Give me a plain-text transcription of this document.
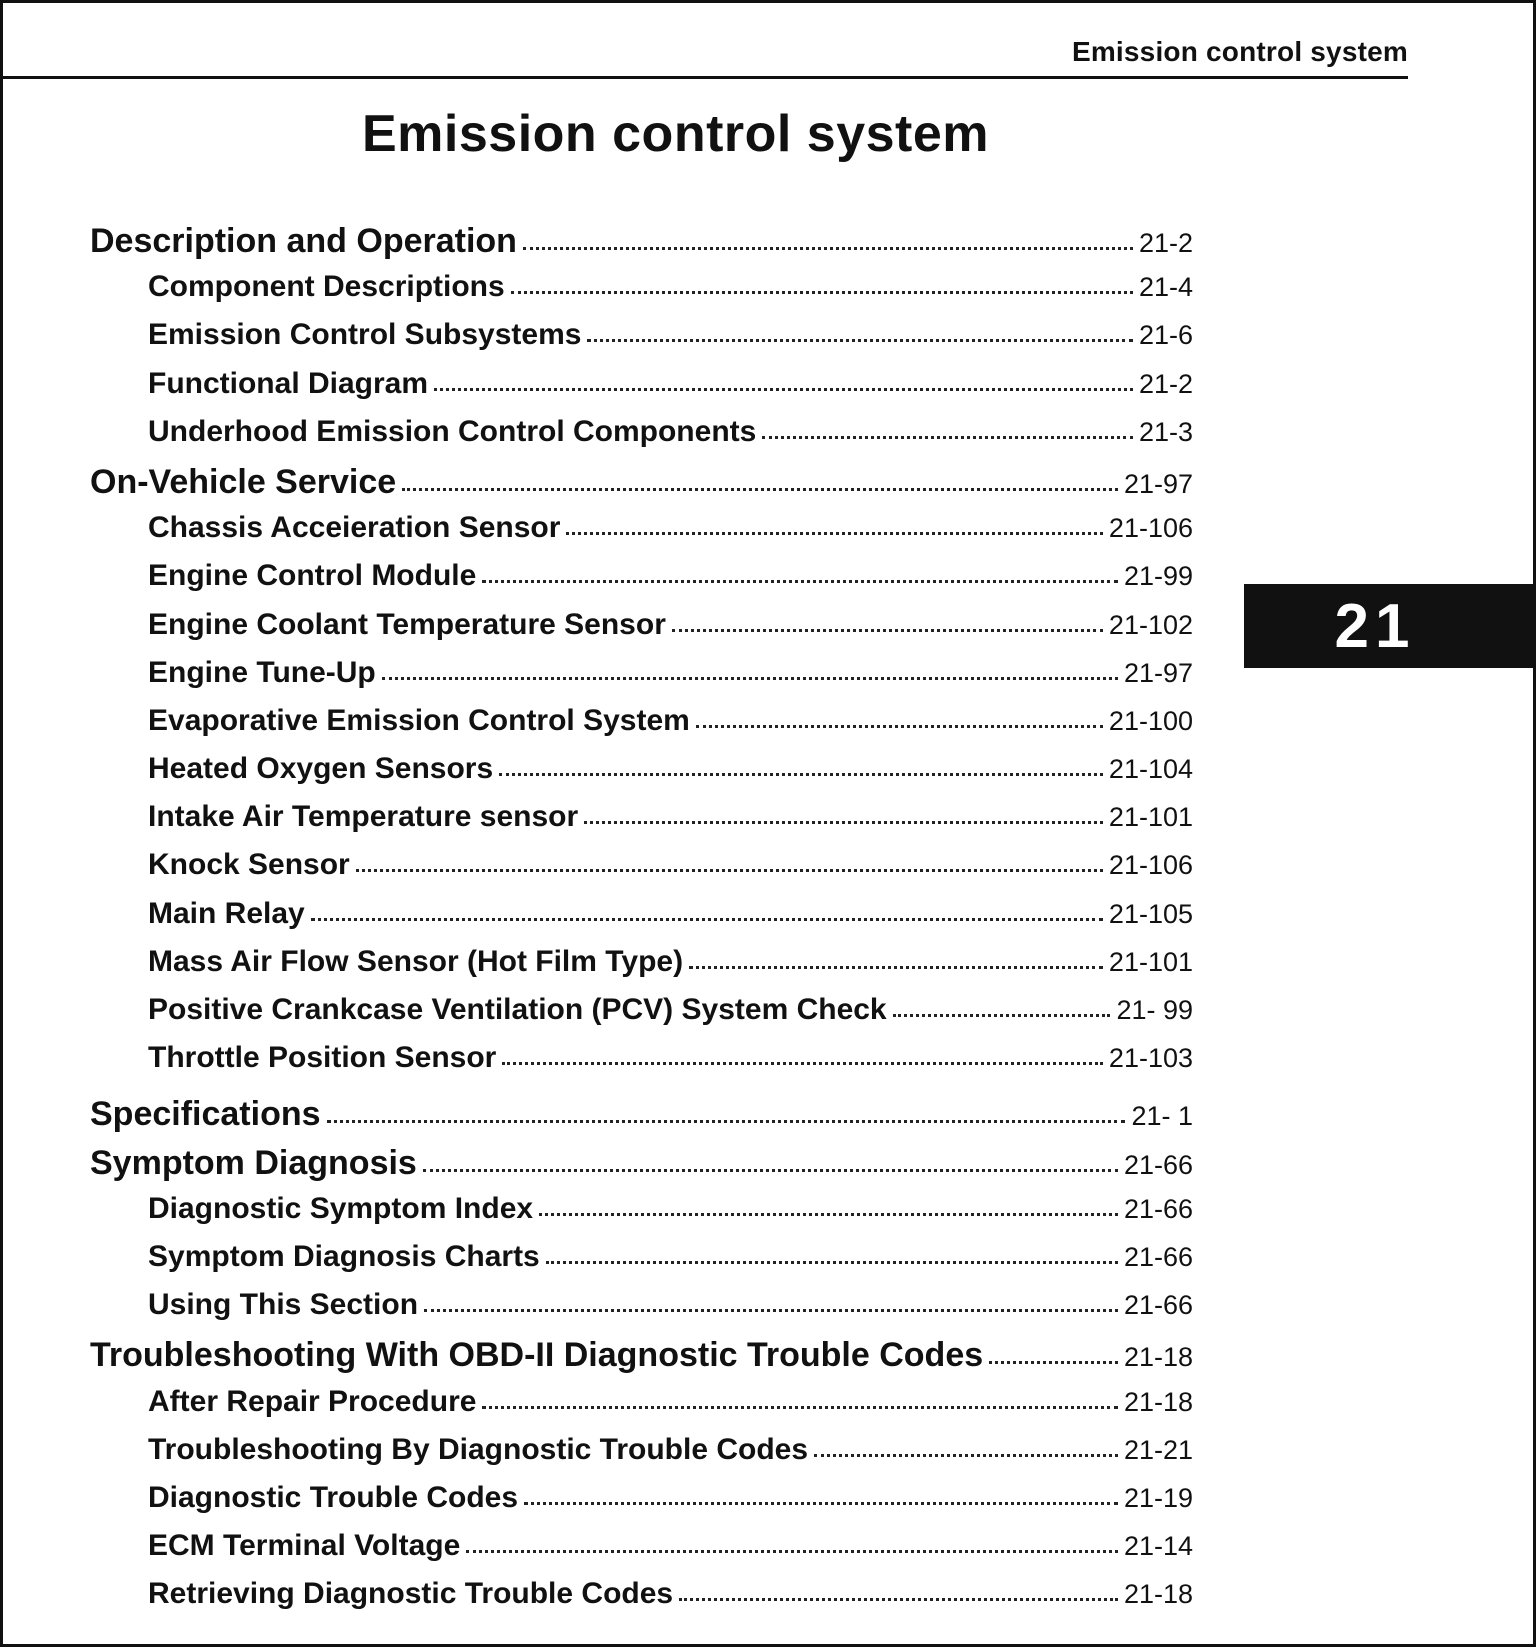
Emission control system
Emission control system
Description and Operation	21-2
Component Descriptions	21-4
Emission Control Subsystems	21-6
Functional Diagram	21-2
Underhood Emission Control Components	21-3
On-Vehicle Service	21-97
Chassis Acceieration Sensor	21-106
Engine Control Module	21-99
Engine Coolant Temperature Sensor	21-102
Engine Tune-Up	21-97
Evaporative Emission Control System	21-100
Heated Oxygen Sensors	21-104
Intake Air Temperature sensor	21-101
Knock Sensor	21-106
Main Relay	21-105
Mass Air Flow Sensor (Hot Film Type)	21-101
Positive Crankcase Ventilation (PCV) System Check	21- 99
Throttle Position Sensor	21-103
Specifications	21- 1
Symptom Diagnosis	21-66
Diagnostic Symptom Index	21-66
Symptom Diagnosis Charts	21-66
Using This Section	21-66
Troubleshooting With OBD-II Diagnostic Trouble Codes	21-18
After Repair Procedure	21-18
Troubleshooting By Diagnostic Trouble Codes	21-21
Diagnostic Trouble Codes	21-19
ECM Terminal Voltage	21-14
Retrieving Diagnostic Trouble Codes	21-18
21
